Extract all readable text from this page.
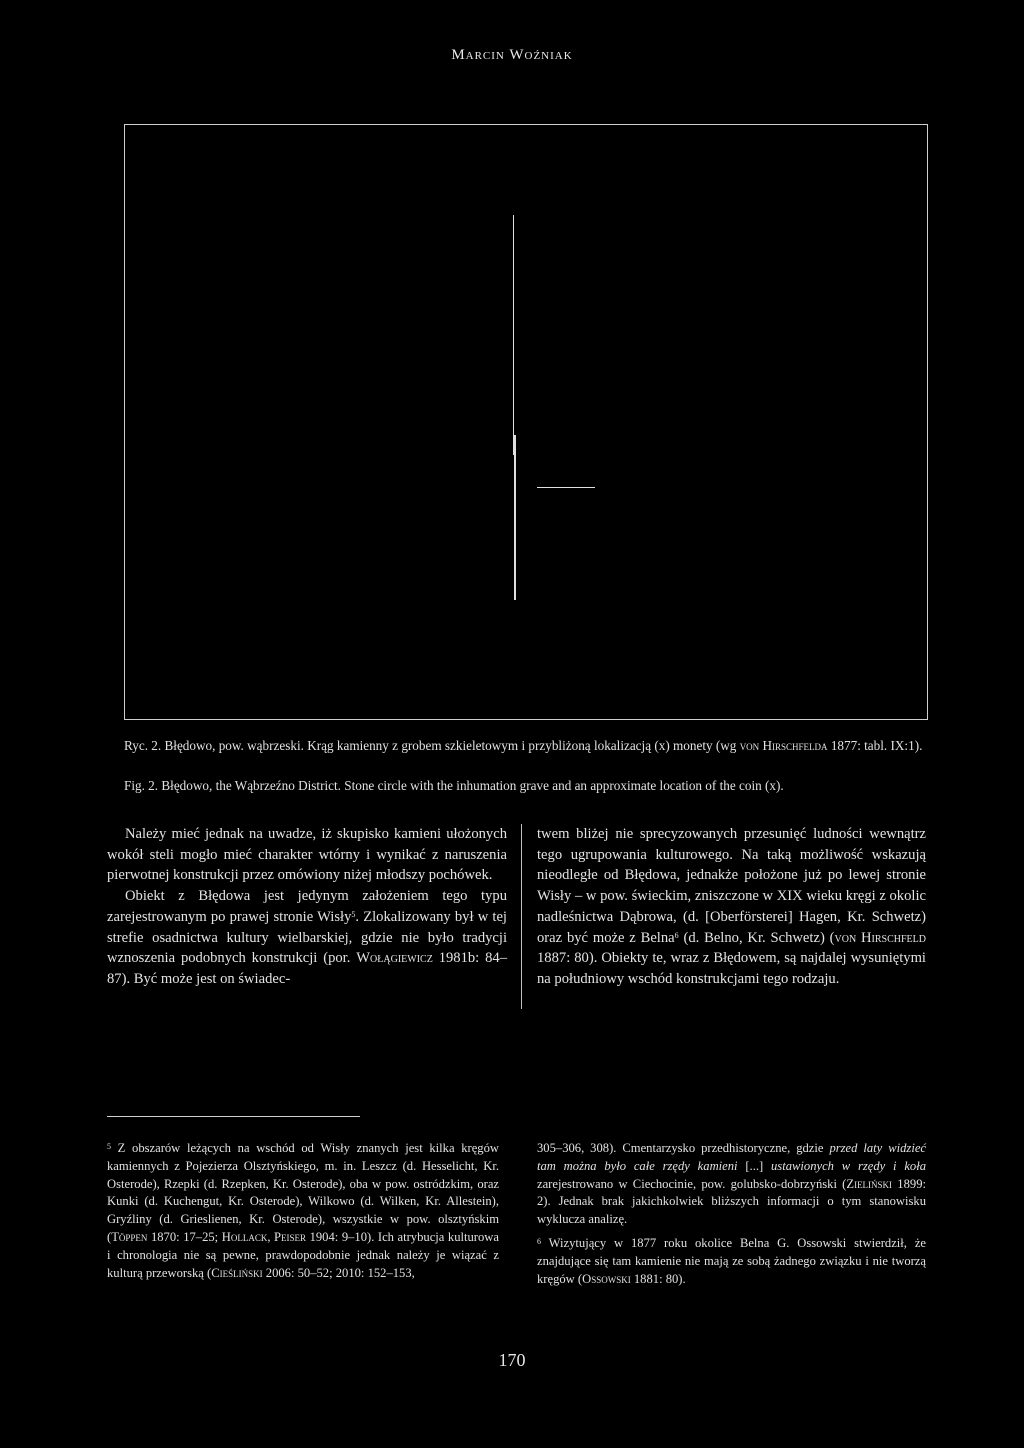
Marcin Woźniak
Ryc. 2. Błędowo, pow. wąbrzeski. Krąg kamienny z grobem szkieletowym i przybliżoną lokalizacją (x) monety (wg von Hirschfelda 1877: tabl. IX:1).
Fig. 2. Błędowo, the Wąbrzeźno District. Stone circle with the inhumation grave and an approximate location of the coin (x).

Należy mieć jednak na uwadze, iż skupisko kamieni ułożonych wokół steli mogło mieć charakter wtórny i wynikać z naruszenia pierwotnej konstrukcji przez omówiony niżej młodszy pochówek.

Obiekt z Błędowa jest jedynym założeniem tego typu zarejestrowanym po prawej stronie Wisły$^5$. Zlokalizowany był w tej strefie osadnictwa kultury wielbarskiej, gdzie nie było tradycji wznoszenia podobnych konstrukcji (por. Wołągiewicz 1981b: 84–87). Być może jest on świadec-

twem bliżej nie sprecyzowanych przesunięć ludności wewnątrz tego ugrupowania kulturowego. Na taką możliwość wskazują nieodległe od Błędowa, jednakże położone już po lewej stronie Wisły – w pow. świeckim, zniszczone w XIX wieku kręgi z okolic nadleśnictwa Dąbrowa, (d. [Oberförsterei] Hagen, Kr. Schwetz) oraz być może z Belna$^6$ (d. Belno, Kr. Schwetz) (von Hirschfeld 1887: 80). Obiekty te, wraz z Błędowem, są najdalej wysuniętymi na południowy wschód konstrukcjami tego rodzaju.

$^5$ Z obszarów leżących na wschód od Wisły znanych jest kilka kręgów kamiennych z Pojezierza Olsztyńskiego, m. in. Leszcz (d. Hesselicht, Kr. Osterode), Rzepki (d. Rzepken, Kr. Osterode), oba w pow. ostródzkim, oraz Kunki (d. Kuchengut, Kr. Osterode), Wilkowo (d. Wilken, Kr. Allestein), Gryźliny (d. Grieslienen, Kr. Osterode), wszystkie w pow. olsztyńskim (Töppen 1870: 17–25; Hollack, Peiser 1904: 9–10). Ich atrybucja kulturowa i chronologia nie są pewne, prawdopodobnie jednak należy je wiązać z kulturą przeworską (Cieśliński 2006: 50–52; 2010: 152–153,

305–306, 308). Cmentarzysko przedhistoryczne, gdzie przed laty widzieć tam można było całe rzędy kamieni [...] ustawionych w rzędy i koła zarejestrowano w Ciechocinie, pow. golubsko-dobrzyński (Zieliński 1899: 2). Jednak brak jakichkolwiek bliższych informacji o tym stanowisku wyklucza analizę.

$^6$ Wizytujący w 1877 roku okolice Belna G. Ossowski stwierdził, że znajdujące się tam kamienie nie mają ze sobą żadnego związku i nie tworzą kręgów (Ossowski 1881: 80).

170
